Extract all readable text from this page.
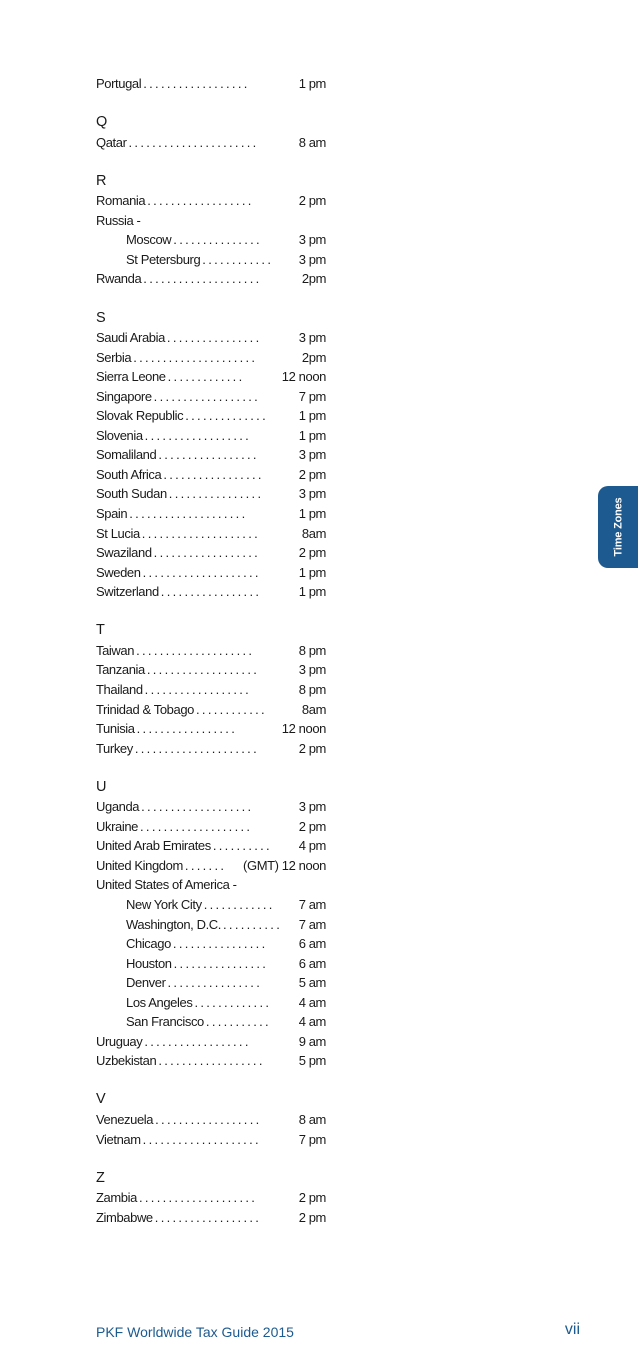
Portugal ..................	1 pm
Q
Qatar ......................	8 am
R
Romania ..................	2 pm
Russia -
Moscow ...............	3 pm
St Petersburg ............	3 pm
Rwanda ....................	2pm
S
Saudi Arabia ................	3 pm
Serbia .....................	2pm
Sierra Leone .............	12 noon
Singapore ..................	7 pm
Slovak Republic ..............	1 pm
Slovenia ..................	1 pm
Somaliland .................	3 pm
South Africa .................	2 pm
South Sudan ................	3 pm
Spain ....................	1 pm
St Lucia ....................	8am
Swaziland ..................	2 pm
Sweden ....................	1 pm
Switzerland .................	1 pm
T
Taiwan ....................	8 pm
Tanzania ...................	3 pm
Thailand ..................	8 pm
Trinidad & Tobago ............	8am
Tunisia .................	12 noon
Turkey .....................	2 pm
U
Uganda ...................	3 pm
Ukraine ...................	2 pm
United Arab Emirates ..........	4 pm
United Kingdom .......	(GMT) 12 noon
United States of America -
New York City ............	7 am
Washington, D.C. ..........	7 am
Chicago ................	6 am
Houston ................	6 am
Denver ................	5 am
Los Angeles .............	4 am
San Francisco ...........	4 am
Uruguay ..................	9 am
Uzbekistan ..................	5 pm
V
Venezuela ..................	8 am
Vietnam ....................	7 pm
Z
Zambia ....................	2 pm
Zimbabwe ..................	2 pm
Time Zones
PKF Worldwide Tax Guide 2015	vii
